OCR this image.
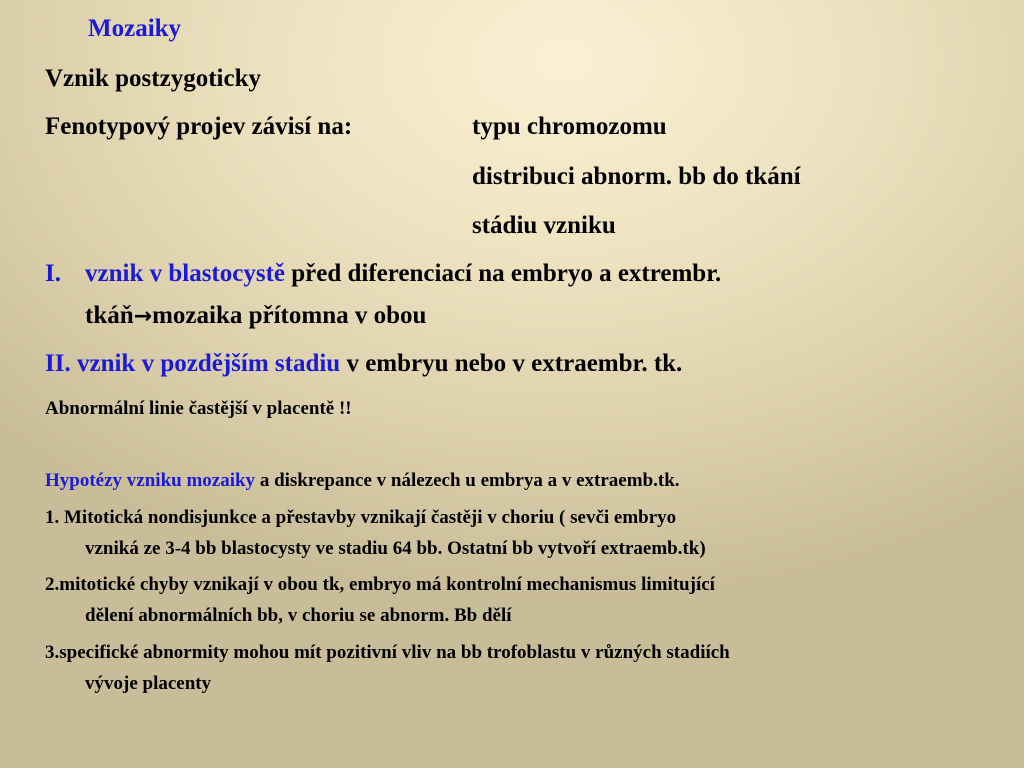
Mozaiky
Vznik postzygoticky
Fenotypový projev závisí na:	typu chromozomu
distribuci abnorm. bb do tkání
stádiu vzniku
I. vznik v blastocystě před diferenciací na embryo a extrembr.
tkáň→mozaika přítomna v obou
II. vznik v pozdějším stadiu v embryu nebo v extraembr. tk.
Abnormální linie častější v placentě !!
Hypotézy vzniku mozaiky a diskrepance v nálezech u embrya a v extraemb.tk.
1. Mitotická nondisjunkce a přestavby vznikají častěji v choriu ( sevči embryo
vzniká ze 3-4 bb blastocysty ve stadiu 64 bb. Ostatní bb vytvoří extraemb.tk)
2.mitotické chyby vznikají v obou tk, embryo má kontrolní mechanismus limitující
dělení abnormálních bb, v choriu se abnorm. Bb dělí
3.specifické abnormity mohou mít pozitivní vliv na bb trofoblastu v různých stadiích
vývoje placenty
